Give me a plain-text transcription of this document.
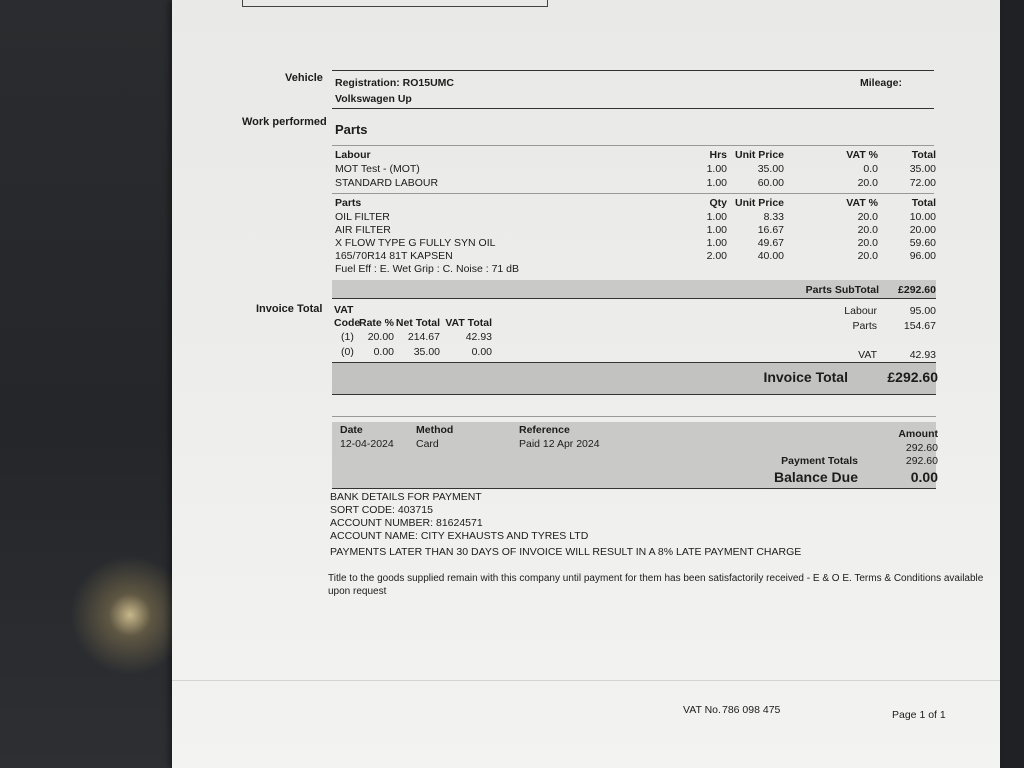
Vehicle Registration: RO15UMC
Volkswagen Up
Mileage:
Work performed Parts
Labour	Hrs Unit Price	VAT %	Total
MOT Test - (MOT)	1.00	35.00	0.0	35.00
STANDARD LABOUR	1.00	60.00	20.0	72.00
Parts	Qty Unit Price	VAT %	Total
OIL FILTER	1.00	8.33	20.0	10.00
AIR FILTER	1.00	16.67	20.0	20.00
X FLOW TYPE G FULLY SYN OIL	1.00	49.67	20.0	59.60
165/70R14 81T KAPSEN	2.00	40.00	20.0	96.00
Fuel Eff : E. Wet Grip : C. Noise : 71 dB
Parts SubTotal	£292.60
Invoice Total VAT
Code
Rate % Net Total VAT Total
(1)	20.00	214.67	42.93
(0)	0.00	35.00	0.00
Labour	95.00
Parts	154.67
VAT	42.93
Invoice Total	£292.60
Date	Method	Reference	Amount
12-04-2024 Card	Paid 12 Apr 2024	292.60
Payment Totals	292.60
Balance Due	0.00
BANK DETAILS FOR PAYMENT
SORT CODE: 403715
ACCOUNT NUMBER: 81624571
ACCOUNT NAME: CITY EXHAUSTS AND TYRES LTD
PAYMENTS LATER THAN 30 DAYS OF INVOICE WILL RESULT IN A 8% LATE PAYMENT CHARGE
Title to the goods supplied remain with this company until payment for them has been satisfactorily received - E & O E. Terms & Conditions available
upon request
VAT No. 786 098 475	Page 1 of 1
